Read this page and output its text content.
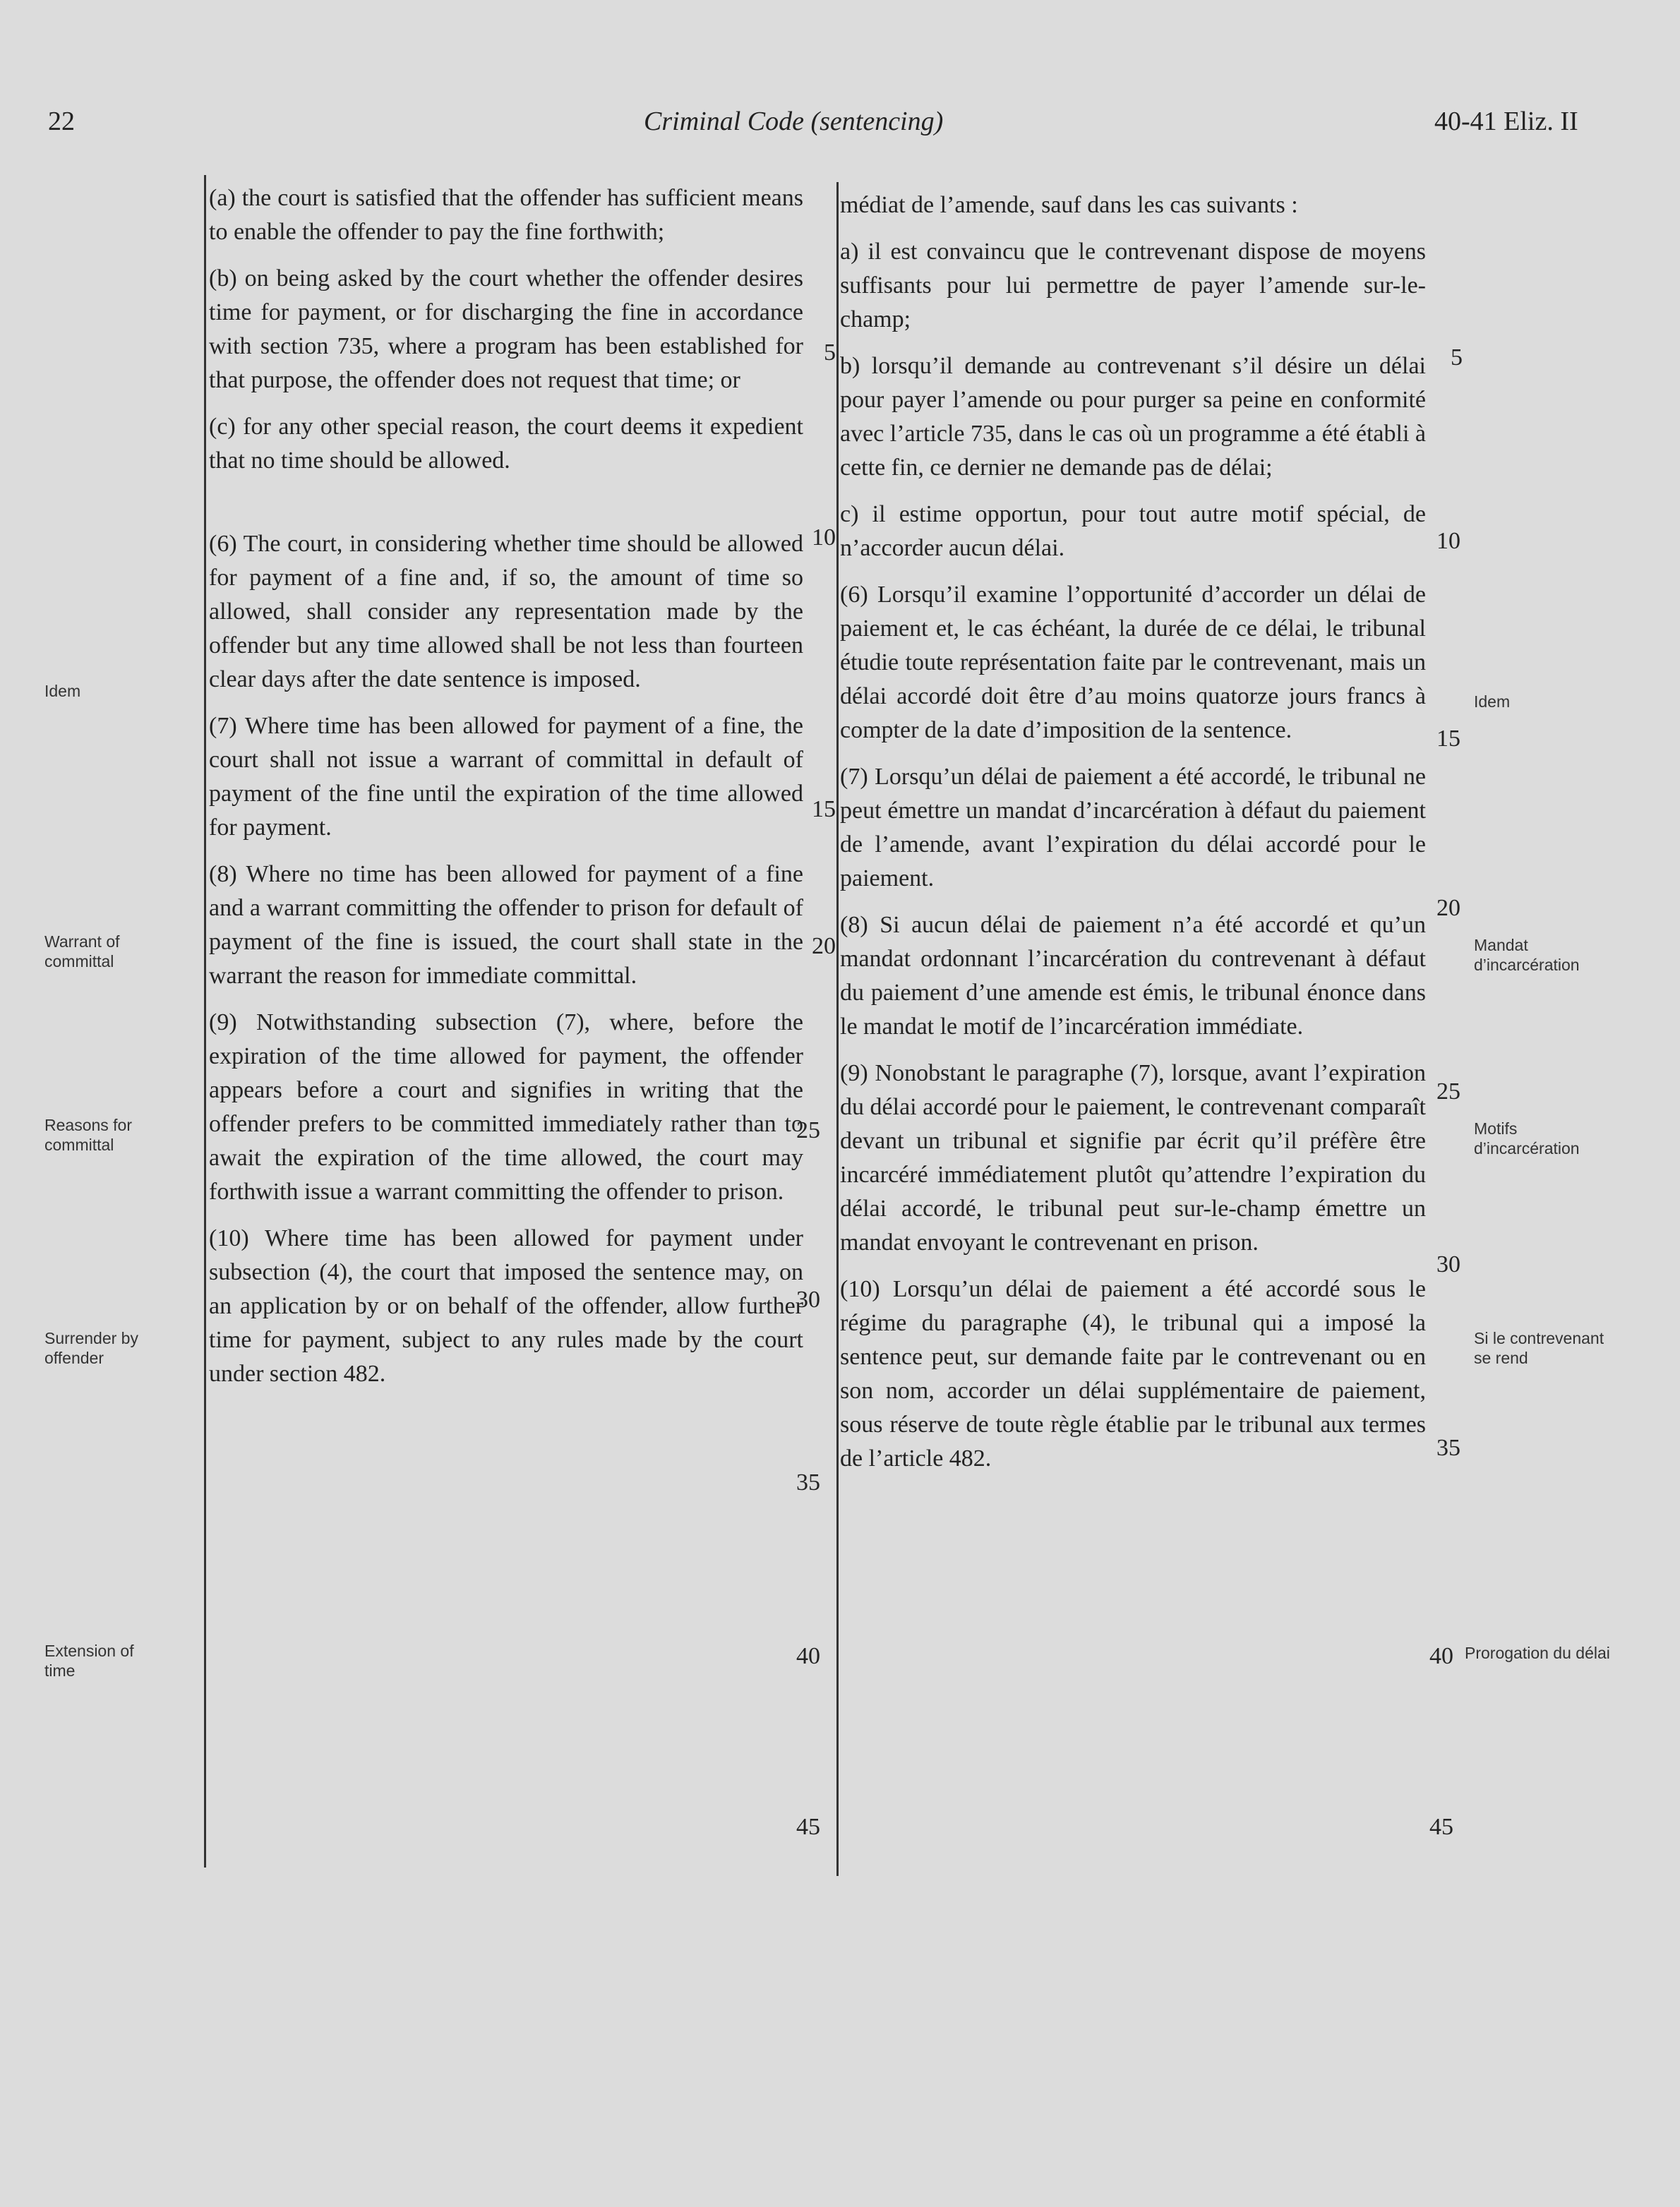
22	Criminal Code (sentencing)	40-41 Eliz. II
Idem
Warrant of committal
Reasons for committal
Surrender by offender
Extension of time

(a) the court is satisfied that the offender has sufficient means to enable the offender to pay the fine forthwith;

(b) on being asked by the court whether the offender desires time for payment, or for discharging the fine in accordance with section 735, where a program has been established for that purpose, the offender does not request that time; or

(c) for any other special reason, the court deems it expedient that no time should be allowed.

(6) The court, in considering whether time should be allowed for payment of a fine and, if so, the amount of time so allowed, shall consider any representation made by the offender but any time allowed shall be not less than fourteen clear days after the date sentence is imposed.

(7) Where time has been allowed for payment of a fine, the court shall not issue a warrant of committal in default of payment of the fine until the expiration of the time allowed for payment.

(8) Where no time has been allowed for payment of a fine and a warrant committing the offender to prison for default of payment of the fine is issued, the court shall state in the warrant the reason for immediate committal.

(9) Notwithstanding subsection (7), where, before the expiration of the time allowed for payment, the offender appears before a court and signifies in writing that the offender prefers to be committed immediately rather than to await the expiration of the time allowed, the court may forthwith issue a warrant committing the offender to prison.

(10) Where time has been allowed for payment under subsection (4), the court that imposed the sentence may, on an application by or on behalf of the offender, allow further time for payment, subject to any rules made by the court under section 482.

5
10
15
20
25
30
35
40
45

médiat de l’amende, sauf dans les cas suivants :

a) il est convaincu que le contrevenant dispose de moyens suffisants pour lui permettre de payer l’amende sur-le-champ;

b) lorsqu’il demande au contrevenant s’il désire un délai pour payer l’amende ou pour purger sa peine en conformité avec l’article 735, dans le cas où un programme a été établi à cette fin, ce dernier ne demande pas de délai;

c) il estime opportun, pour tout autre motif spécial, de n’accorder aucun délai.

(6) Lorsqu’il examine l’opportunité d’accorder un délai de paiement et, le cas échéant, la durée de ce délai, le tribunal étudie toute représentation faite par le contrevenant, mais un délai accordé doit être d’au moins quatorze jours francs à compter de la date d’imposition de la sentence.

(7) Lorsqu’un délai de paiement a été accordé, le tribunal ne peut émettre un mandat d’incarcération à défaut du paiement de l’amende, avant l’expiration du délai accordé pour le paiement.

(8) Si aucun délai de paiement n’a été accordé et qu’un mandat ordonnant l’incarcération du contrevenant à défaut du paiement d’une amende est émis, le tribunal énonce dans le mandat le motif de l’incarcération immédiate.

(9) Nonobstant le paragraphe (7), lorsque, avant l’expiration du délai accordé pour le paiement, le contrevenant comparaît devant un tribunal et signifie par écrit qu’il préfère être incarcéré immédiatement plutôt qu’attendre l’expiration du délai accordé, le tribunal peut sur-le-champ émettre un mandat envoyant le contrevenant en prison.

(10) Lorsqu’un délai de paiement a été accordé sous le régime du paragraphe (4), le tribunal qui a imposé la sentence peut, sur demande faite par le contrevenant ou en son nom, accorder un délai supplémentaire de paiement, sous réserve de toute règle établie par le tribunal aux termes de l’article 482.

5
10
15
20
25
30
35
40
45
Idem
Mandat d’incarcération
Motifs d’incarcération
Si le contrevenant se rend
Prorogation du délai
